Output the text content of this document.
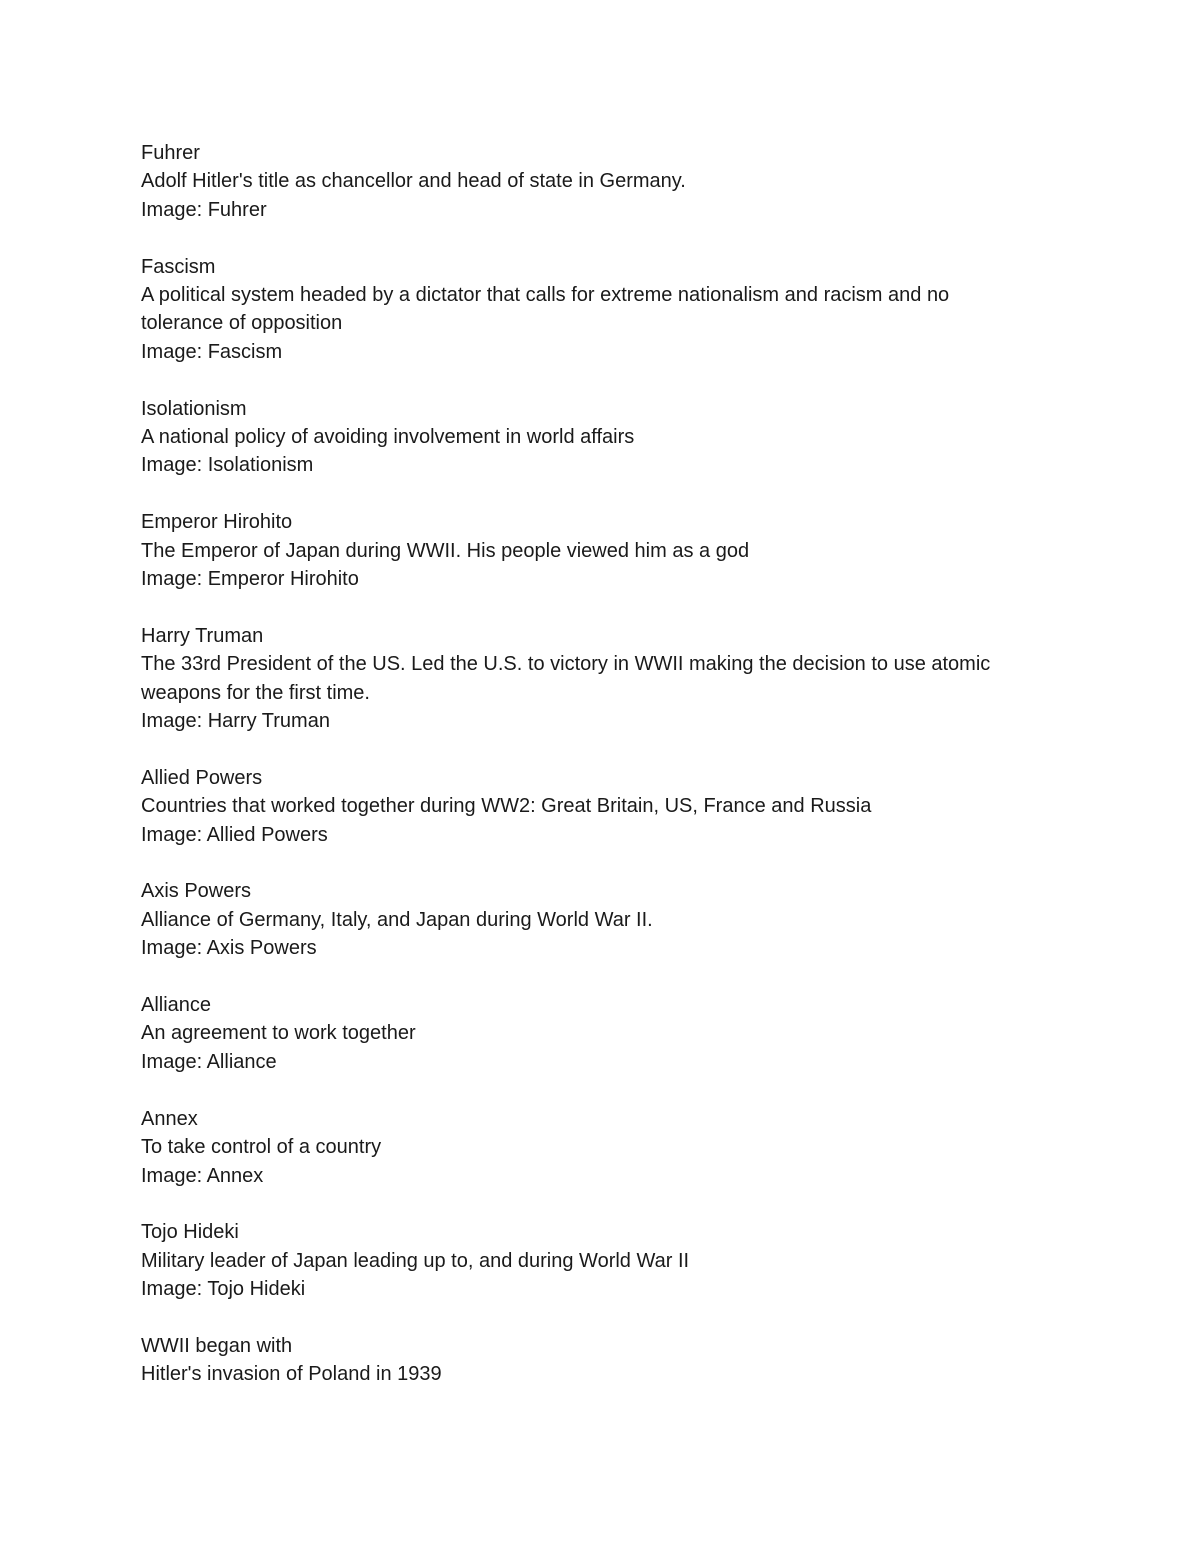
Fuhrer
Adolf Hitler's title as chancellor and head of state in Germany.
Image: Fuhrer
Fascism
A political system headed by a dictator that calls for extreme nationalism and racism and no
tolerance of opposition
Image: Fascism
Isolationism
A national policy of avoiding involvement in world affairs
Image: Isolationism
Emperor Hirohito
The Emperor of Japan during WWII. His people viewed him as a god
Image: Emperor Hirohito
Harry Truman
The 33rd President of the US. Led the U.S. to victory in WWII making the decision to use atomic
weapons for the first time.
Image: Harry Truman
Allied Powers
Countries that worked together during WW2: Great Britain, US, France and Russia
Image: Allied Powers
Axis Powers
Alliance of Germany, Italy, and Japan during World War II.
Image: Axis Powers
Alliance
An agreement to work together
Image: Alliance
Annex
To take control of a country
Image: Annex
Tojo Hideki
Military leader of Japan leading up to, and during World War II
Image: Tojo Hideki
WWII began with
Hitler's invasion of Poland in 1939
